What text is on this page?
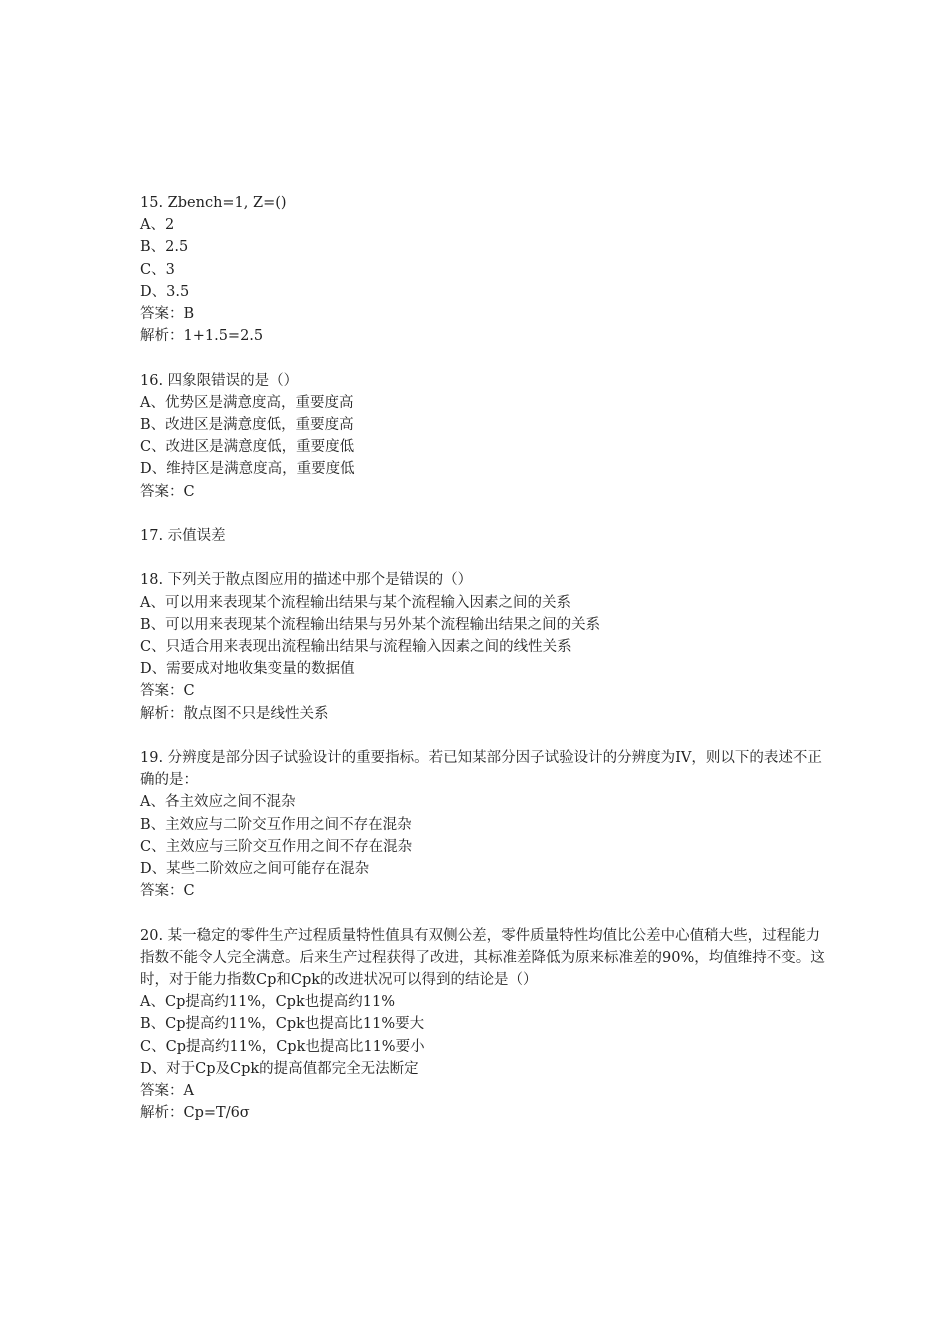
15. Zbench=1, Z=()
A、2
B、2.5
C、3
D、3.5
答案：B
解析：1+1.5=2.5
16. 四象限错误的是（）
A、优势区是满意度高，重要度高
B、改进区是满意度低，重要度高
C、改进区是满意度低，重要度低
D、维持区是满意度高，重要度低
答案：C
17. 示值误差
18. 下列关于散点图应用的描述中那个是错误的（）
A、可以用来表现某个流程输出结果与某个流程输入因素之间的关系
B、可以用来表现某个流程输出结果与另外某个流程输出结果之间的关系
C、只适合用来表现出流程输出结果与流程输入因素之间的线性关系
D、需要成对地收集变量的数据值
答案：C
解析：散点图不只是线性关系
19. 分辨度是部分因子试验设计的重要指标。若已知某部分因子试验设计的分辨度为IV，则以下的表述不正确的是：
A、各主效应之间不混杂
B、主效应与二阶交互作用之间不存在混杂
C、主效应与三阶交互作用之间不存在混杂
D、某些二阶效应之间可能存在混杂
答案：C
20. 某一稳定的零件生产过程质量特性值具有双侧公差，零件质量特性均值比公差中心值稍大些，过程能力指数不能令人完全满意。后来生产过程获得了改进，其标准差降低为原来标准差的90%，均值维持不变。这时，对于能力指数Cp和Cpk的改进状况可以得到的结论是（）
A、Cp提高约11%，Cpk也提高约11%
B、Cp提高约11%，Cpk也提高比11%要大
C、Cp提高约11%，Cpk也提高比11%要小
D、对于Cp及Cpk的提高值都完全无法断定
答案：A
解析：Cp=T/6σ
